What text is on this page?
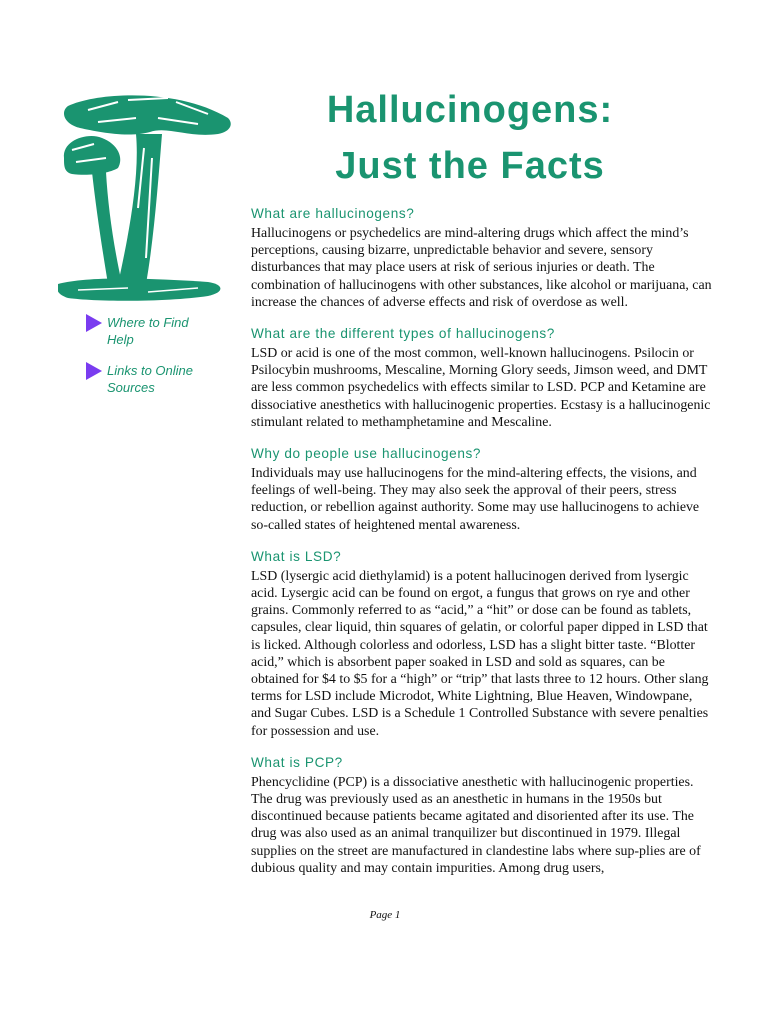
Hallucinogens:
Just the Facts
Where to Find
Help
Links to Online
Sources
What are hallucinogens?

Hallucinogens or psychedelics are mind-altering drugs which affect the mind’s perceptions, causing bizarre, unpredictable behavior and severe, sensory disturbances that may place users at risk of serious injuries or death. The combination of hallucinogens with other substances, like alcohol or marijuana, can increase the chances of adverse effects and risk of overdose as well.

What are the different types of hallucinogens?

LSD or acid is one of the most common, well-known hallucinogens. Psilocin or Psilocybin mushrooms, Mescaline, Morning Glory seeds, Jimson weed, and DMT are less common psychedelics with effects similar to LSD. PCP and Ketamine are dissociative anesthetics with hallucinogenic properties. Ecstasy is a hallucinogenic stimulant related to methamphetamine and Mescaline.

Why do people use hallucinogens?

Individuals may use hallucinogens for the mind-altering effects, the visions, and feelings of well-being. They may also seek the approval of their peers, stress reduction, or rebellion against authority. Some may use hallucinogens to achieve so-called states of heightened mental awareness.

What is LSD?

LSD (lysergic acid diethylamid) is a potent hallucinogen derived from lysergic acid. Lysergic acid can be found on ergot, a fungus that grows on rye and other grains. Commonly referred to as “acid,” a “hit” or dose can be found as tablets, capsules, clear liquid, thin squares of gelatin, or colorful paper dipped in LSD that is licked. Although colorless and odorless, LSD has a slight bitter taste. “Blotter acid,” which is absorbent paper soaked in LSD and sold as squares, can be obtained for $4 to $5 for a “high” or “trip” that lasts three to 12 hours. Other slang terms for LSD include Microdot, White Lightning, Blue Heaven, Windowpane, and Sugar Cubes. LSD is a Schedule 1 Controlled Substance with severe penalties for possession and use.

What is PCP?

Phencyclidine (PCP) is a dissociative anesthetic with hallucinogenic properties. The drug was previously used as an anesthetic in humans in the 1950s but discontinued because patients became agitated and disoriented after its use. The drug was also used as an animal tranquilizer but discontinued in 1979. Illegal supplies on the street are manufactured in clandestine labs where sup-plies are of dubious quality and may contain impurities. Among drug users,

Page 1
